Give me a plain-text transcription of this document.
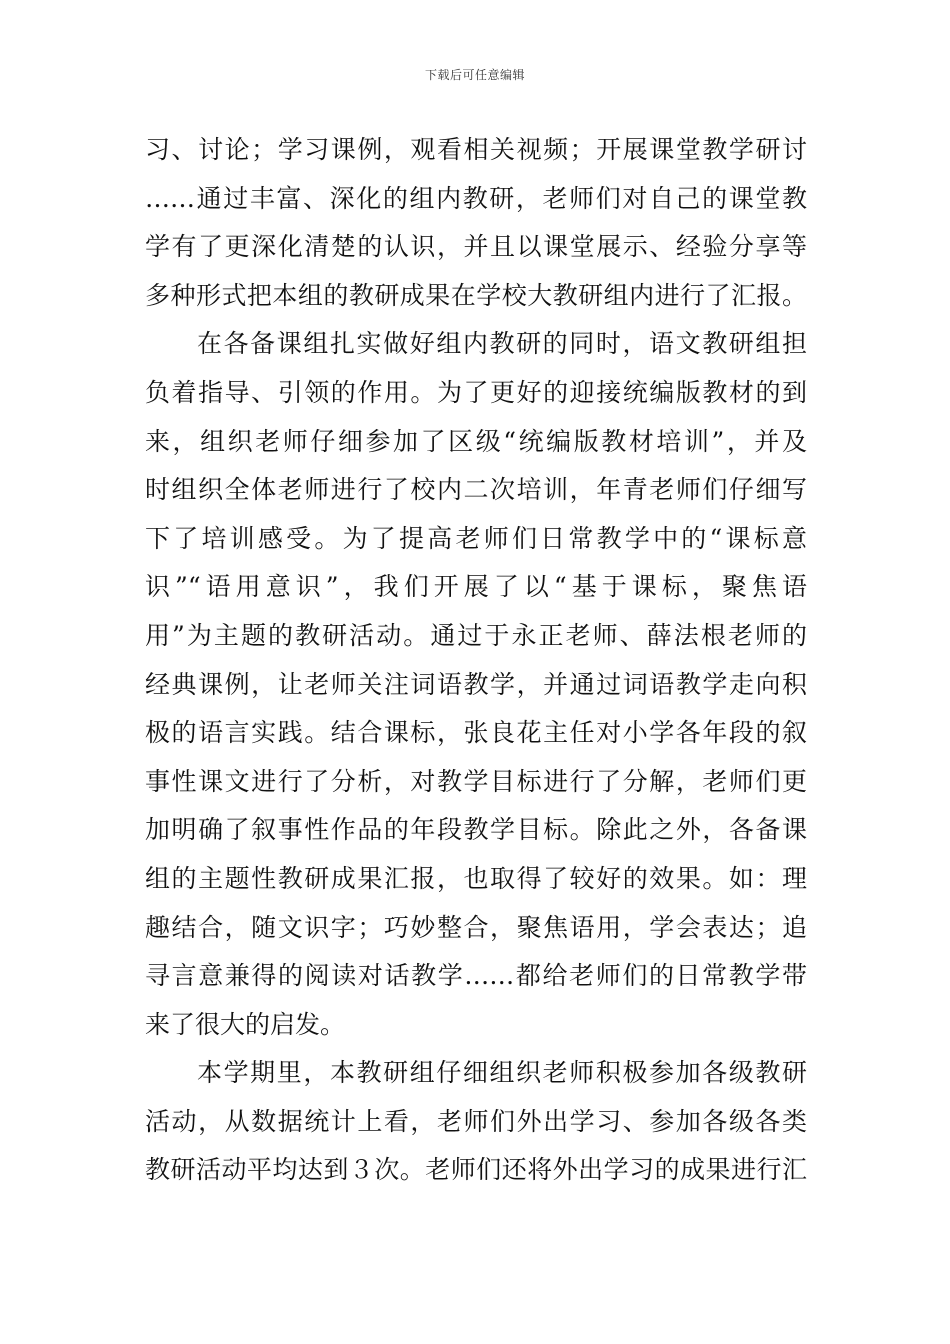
下载后可任意编辑
习、讨论；学习课例，观看相关视频；开展课堂教学研讨
……通过丰富、深化的组内教研，老师们对自己的课堂教
学有了更深化清楚的认识，并且以课堂展示、经验分享等
多种形式把本组的教研成果在学校大教研组内进行了汇报。
在各备课组扎实做好组内教研的同时，语文教研组担
负着指导、引领的作用。为了更好的迎接统编版教材的到
来，组织老师仔细参加了区级“统编版教材培训”，并及
时组织全体老师进行了校内二次培训，年青老师们仔细写
下了培训感受。为了提高老师们日常教学中的“课标意
识”“语用意识”，我们开展了以“基于课标，聚焦语
用”为主题的教研活动。通过于永正老师、薛法根老师的
经典课例，让老师关注词语教学，并通过词语教学走向积
极的语言实践。结合课标，张良花主任对小学各年段的叙
事性课文进行了分析，对教学目标进行了分解，老师们更
加明确了叙事性作品的年段教学目标。除此之外，各备课
组的主题性教研成果汇报，也取得了较好的效果。如：理
趣结合，随文识字；巧妙整合，聚焦语用，学会表达；追
寻言意兼得的阅读对话教学……都给老师们的日常教学带
来了很大的启发。
本学期里，本教研组仔细组织老师积极参加各级教研
活动，从数据统计上看，老师们外出学习、参加各级各类
教研活动平均达到３次。老师们还将外出学习的成果进行汇
